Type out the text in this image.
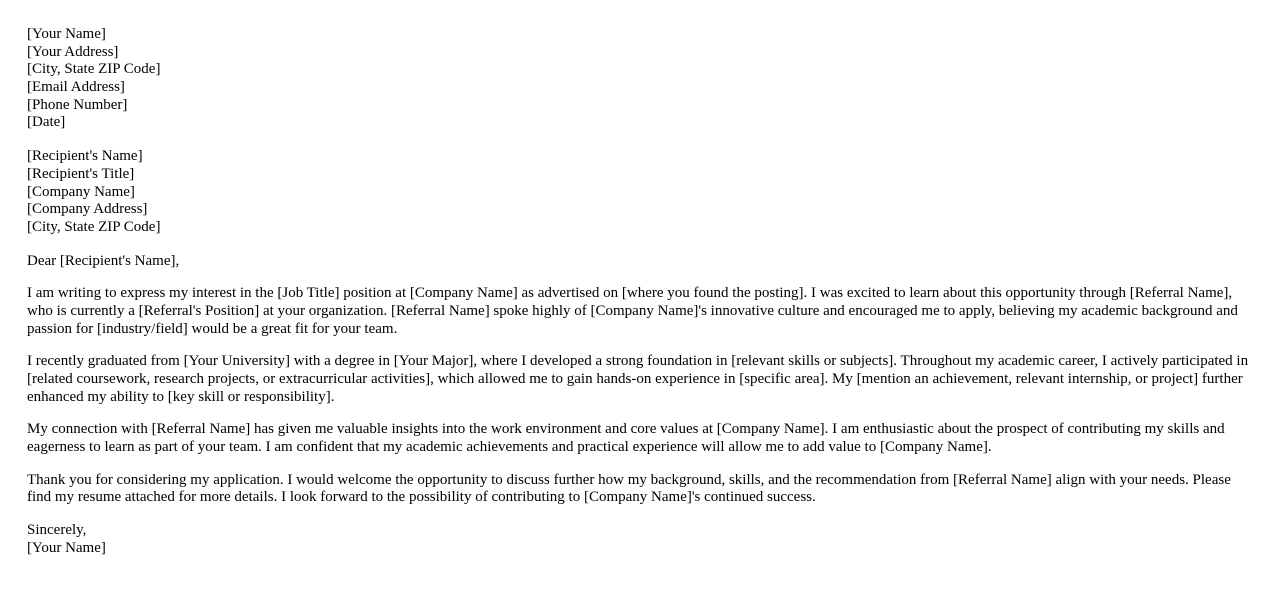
[Your Name]
[Your Address]
[City, State ZIP Code]
[Email Address]
[Phone Number]
[Date]
[Recipient's Name]
[Recipient's Title]
[Company Name]
[Company Address]
[City, State ZIP Code]

Dear [Recipient's Name],

I am writing to express my interest in the [Job Title] position at [Company Name] as advertised on [where you found the posting]. I was excited to learn about this opportunity through [Referral Name], who is currently a [Referral's Position] at your organization. [Referral Name] spoke highly of [Company Name]'s innovative culture and encouraged me to apply, believing my academic background and passion for [industry/field] would be a great fit for your team.

I recently graduated from [Your University] with a degree in [Your Major], where I developed a strong foundation in [relevant skills or subjects]. Throughout my academic career, I actively participated in [related coursework, research projects, or extracurricular activities], which allowed me to gain hands-on experience in [specific area]. My [mention an achievement, relevant internship, or project] further enhanced my ability to [key skill or responsibility].

My connection with [Referral Name] has given me valuable insights into the work environment and core values at [Company Name]. I am enthusiastic about the prospect of contributing my skills and eagerness to learn as part of your team. I am confident that my academic achievements and practical experience will allow me to add value to [Company Name].

Thank you for considering my application. I would welcome the opportunity to discuss further how my background, skills, and the recommendation from [Referral Name] align with your needs. Please find my resume attached for more details. I look forward to the possibility of contributing to [Company Name]'s continued success.

Sincerely,
[Your Name]
